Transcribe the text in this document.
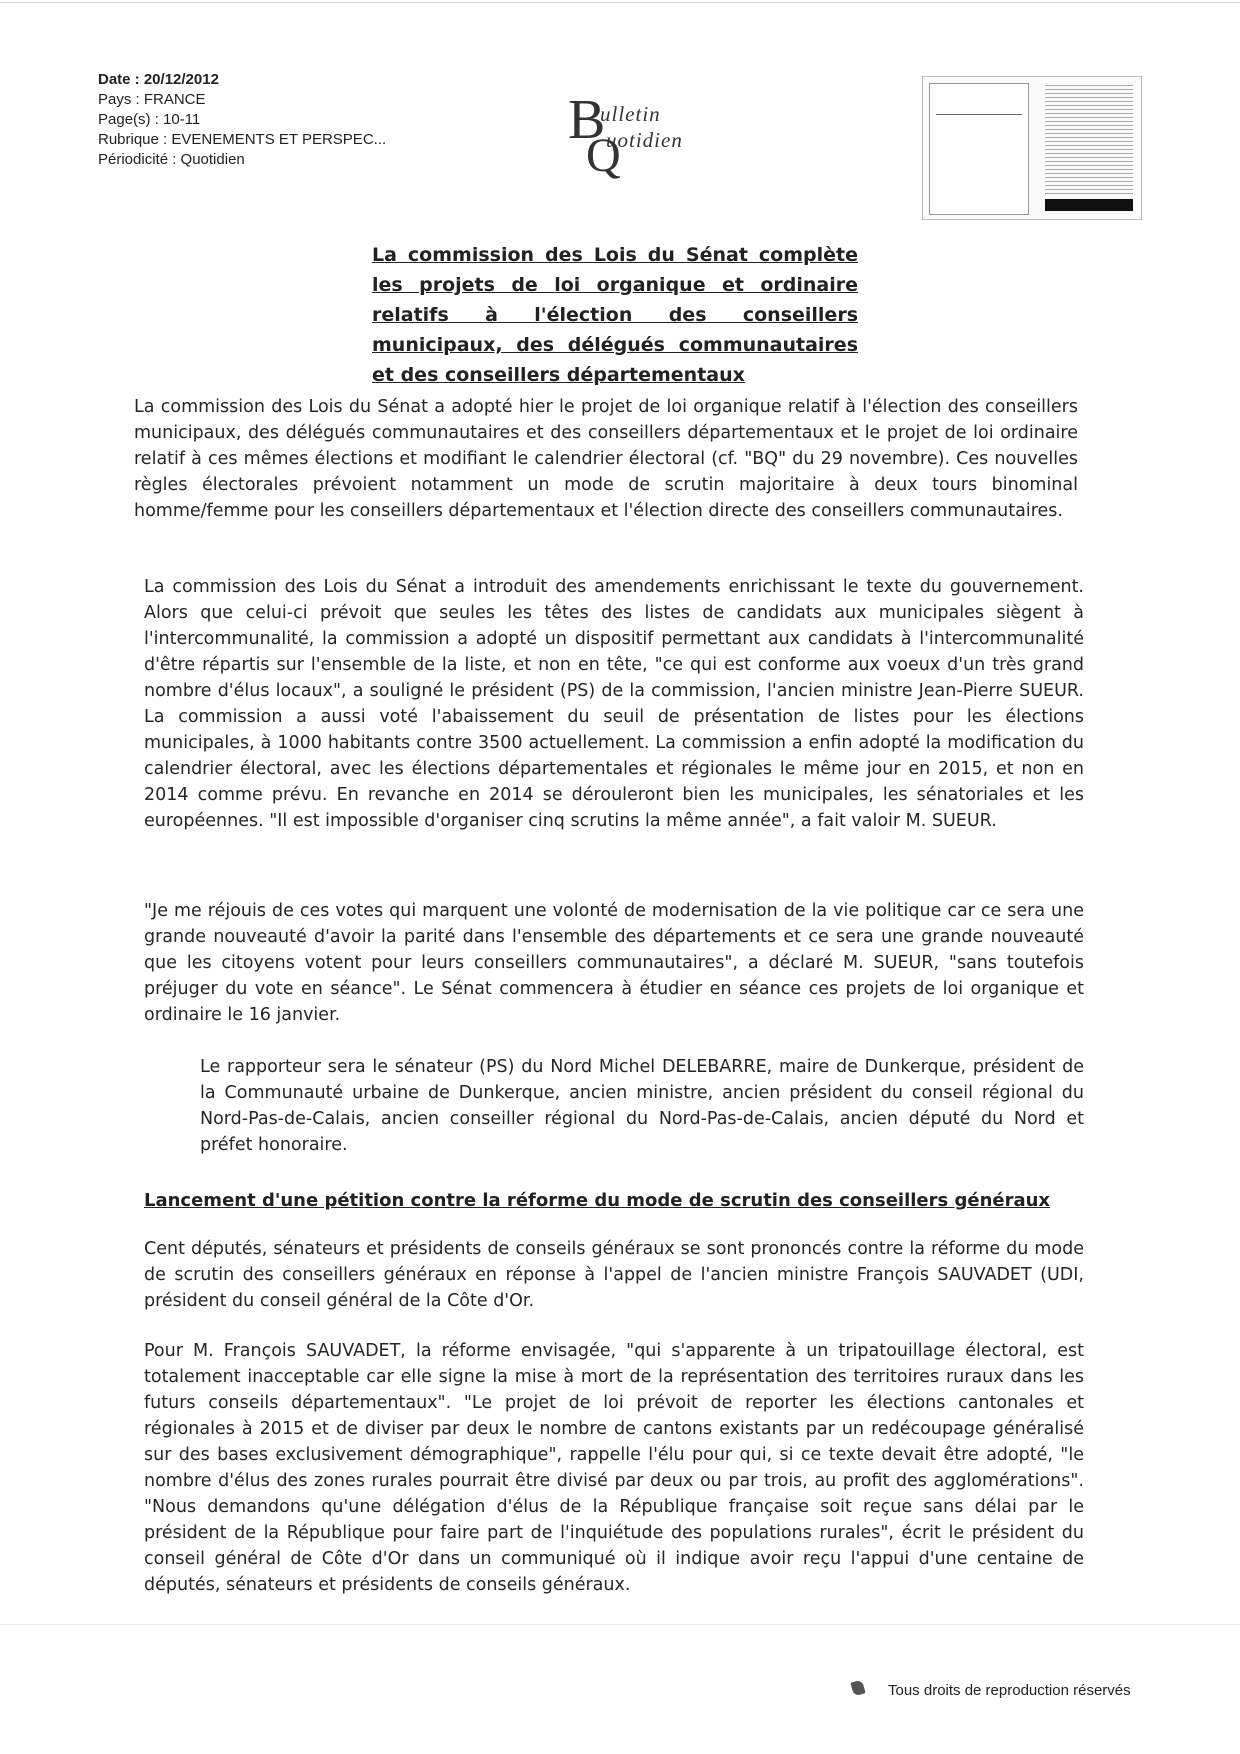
Date : 20/12/2012
Pays : FRANCE
Page(s) : 10-11
Rubrique : EVENEMENTS ET PERSPEC...
Périodicité : Quotidien
B
Q
ulletin
uotidien
La commission des Lois du Sénat complète les projets de loi organique et ordinaire relatifs à l'élection des conseillers municipaux, des délégués communautaires et des conseillers départementaux
La commission des Lois du Sénat a adopté hier le projet de loi organique relatif à l'élection des conseillers municipaux, des délégués communautaires et des conseillers départementaux et le projet de loi ordinaire relatif à ces mêmes élections et modifiant le calendrier électoral (cf. "BQ" du 29 novembre). Ces nouvelles règles électorales prévoient notamment un mode de scrutin majoritaire à deux tours binominal homme/femme pour les conseillers départementaux et l'élection directe des conseillers communautaires.
La commission des Lois du Sénat a introduit des amendements enrichissant le texte du gouvernement. Alors que celui-ci prévoit que seules les têtes des listes de candidats aux municipales siègent à l'intercommunalité, la commission a adopté un dispositif permettant aux candidats à l'intercommunalité d'être répartis sur l'ensemble de la liste, et non en tête, "ce qui est conforme aux voeux d'un très grand nombre d'élus locaux", a souligné le président (PS) de la commission, l'ancien ministre Jean-Pierre SUEUR. La commission a aussi voté l'abaissement du seuil de présentation de listes pour les élections municipales, à 1000 habitants contre 3500 actuellement. La commission a enfin adopté la modification du calendrier électoral, avec les élections départementales et régionales le même jour en 2015, et non en 2014 comme prévu. En revanche en 2014 se dérouleront bien les municipales, les sénatoriales et les européennes. "Il est impossible d'organiser cinq scrutins la même année", a fait valoir M. SUEUR.
"Je me réjouis de ces votes qui marquent une volonté de modernisation de la vie politique car ce sera une grande nouveauté d'avoir la parité dans l'ensemble des départements et ce sera une grande nouveauté que les citoyens votent pour leurs conseillers communautaires", a déclaré M. SUEUR, "sans toutefois préjuger du vote en séance". Le Sénat commencera à étudier en séance ces projets de loi organique et ordinaire le 16 janvier.
Le rapporteur sera le sénateur (PS) du Nord Michel DELEBARRE, maire de Dunkerque, président de la Communauté urbaine de Dunkerque, ancien ministre, ancien président du conseil régional du Nord-Pas-de-Calais, ancien conseiller régional du Nord-Pas-de-Calais, ancien député du Nord et préfet honoraire.
Lancement d'une pétition contre la réforme du mode de scrutin des conseillers généraux
Cent députés, sénateurs et présidents de conseils généraux se sont prononcés contre la réforme du mode de scrutin des conseillers généraux en réponse à l'appel de l'ancien ministre François SAUVADET (UDI, président du conseil général de la Côte d'Or.
Pour M. François SAUVADET, la réforme envisagée, "qui s'apparente à un tripatouillage électoral, est totalement inacceptable car elle signe la mise à mort de la représentation des territoires ruraux dans les futurs conseils départementaux". "Le projet de loi prévoit de reporter les élections cantonales et régionales à 2015 et de diviser par deux le nombre de cantons existants par un redécoupage généralisé sur des bases exclusivement démographique", rappelle l'élu pour qui, si ce texte devait être adopté, "le nombre d'élus des zones rurales pourrait être divisé par deux ou par trois, au profit des agglomérations". "Nous demandons qu'une délégation d'élus de la République française soit reçue sans délai par le président de la République pour faire part de l'inquiétude des populations rurales", écrit le président du conseil général de Côte d'Or dans un communiqué où il indique avoir reçu l'appui d'une centaine de députés, sénateurs et présidents de conseils généraux.
Tous droits de reproduction réservés
